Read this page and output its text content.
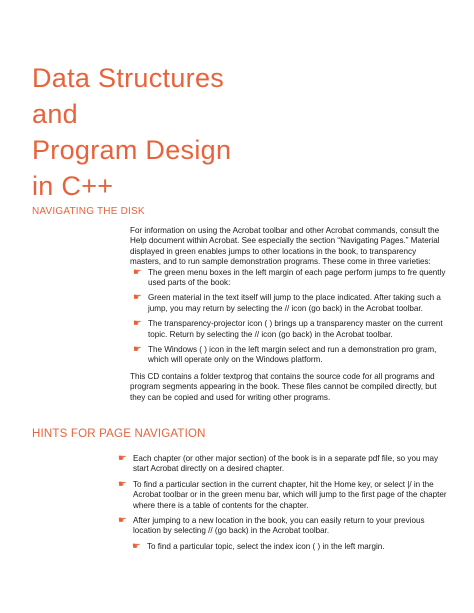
Data Structures
and
Program Design
in C++
NAVIGATING THE DISK

For information on using the Acrobat toolbar and other Acrobat commands, consult the Help document within Acrobat. See especially the section “Navigating Pages.” Material displayed in green enables jumps to other locations in the book, to transparency masters, and to run sample demonstration programs. These come in three varieties:

☛ The green menu boxes in the left margin of each page perform jumps to fre quently used parts of the book:
☛ Green material in the text itself will jump to the place indicated. After taking such a jump, you may return by selecting the // icon (go back) in the Acrobat toolbar.
☛ The transparency-projector icon ( ) brings up a transparency master on the current topic. Return by selecting the // icon (go back) in the Acrobat toolbar.
☛ The Windows ( ) icon in the left margin select and run a demonstration pro gram, which will operate only on the Windows platform.

This CD contains a folder textprog that contains the source code for all programs and program segments appearing in the book. These files cannot be compiled directly, but they can be copied and used for writing other programs.

HINTS FOR PAGE NAVIGATION
☛ Each chapter (or other major section) of the book is in a separate pdf file, so you may start Acrobat directly on a desired chapter.
☛ To find a particular section in the current chapter, hit the Home key, or select |/ in the Acrobat toolbar or in the green menu bar, which will jump to the first page of the chapter where there is a table of contents for the chapter.
☛ After jumping to a new location in the book, you can easily return to your previous location by selecting // (go back) in the Acrobat toolbar.
☛ To find a particular topic, select the index icon ( ) in the left margin.
